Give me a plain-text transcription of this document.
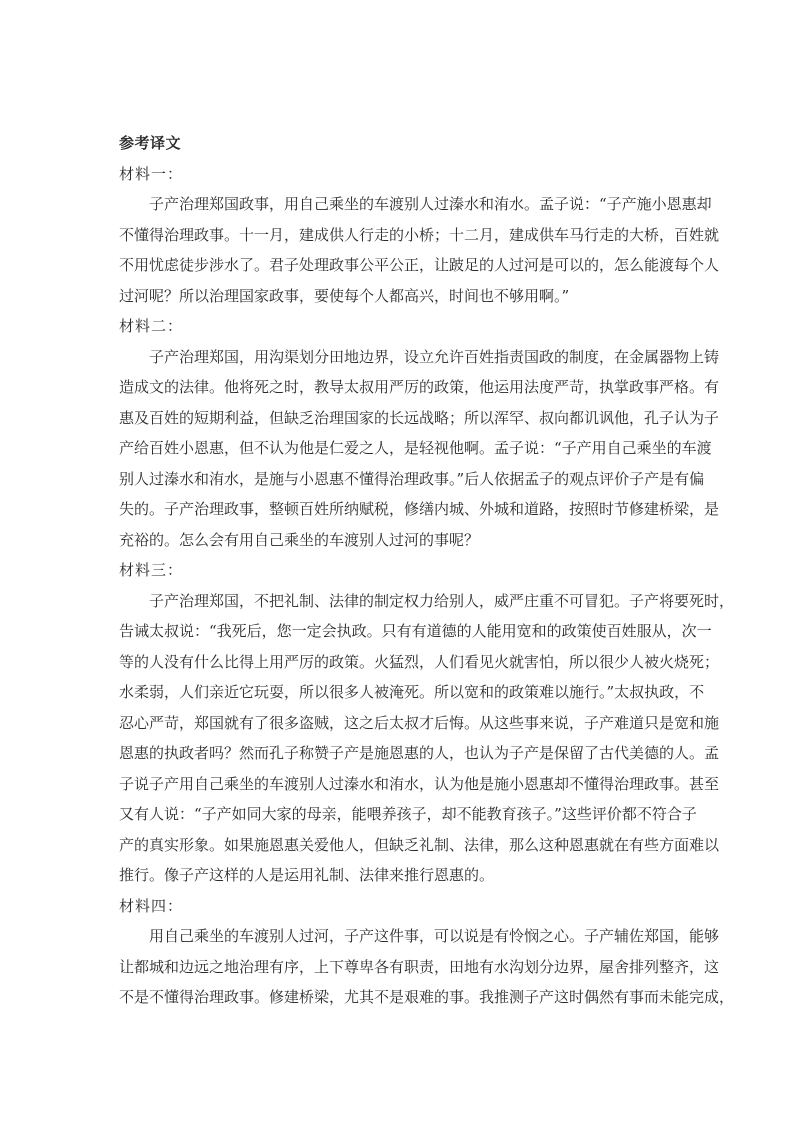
参考译文

材料一：

子产治理郑国政事，用自己乘坐的车渡别人过溱水和洧水。孟子说：“子产施小恩惠却
不懂得治理政事。十一月，建成供人行走的小桥；十二月，建成供车马行走的大桥，百姓就
不用忧虑徒步涉水了。君子处理政事公平公正，让跛足的人过河是可以的，怎么能渡每个人
过河呢？所以治理国家政事，要使每个人都高兴，时间也不够用啊。”

材料二：

子产治理郑国，用沟渠划分田地边界，设立允许百姓指责国政的制度，在金属器物上铸
造成文的法律。他将死之时，教导太叔用严厉的政策，他运用法度严苛，执掌政事严格。有
惠及百姓的短期利益，但缺乏治理国家的长远战略；所以浑罕、叔向都讥讽他，孔子认为子
产给百姓小恩惠，但不认为他是仁爱之人，是轻视他啊。孟子说：“子产用自己乘坐的车渡
别人过溱水和洧水，是施与小恩惠不懂得治理政事。”后人依据孟子的观点评价子产是有偏
失的。子产治理政事，整顿百姓所纳赋税，修缮内城、外城和道路，按照时节修建桥梁，是
充裕的。怎么会有用自己乘坐的车渡别人过河的事呢？

材料三：

子产治理郑国，不把礼制、法律的制定权力给别人，威严庄重不可冒犯。子产将要死时，
告诫太叔说：“我死后，您一定会执政。只有有道德的人能用宽和的政策使百姓服从，次一
等的人没有什么比得上用严厉的政策。火猛烈，人们看见火就害怕，所以很少人被火烧死；
水柔弱，人们亲近它玩耍，所以很多人被淹死。所以宽和的政策难以施行。”太叔执政，不
忍心严苛，郑国就有了很多盗贼，这之后太叔才后悔。从这些事来说，子产难道只是宽和施
恩惠的执政者吗？然而孔子称赞子产是施恩惠的人，也认为子产是保留了古代美德的人。孟
子说子产用自己乘坐的车渡别人过溱水和洧水，认为他是施小恩惠却不懂得治理政事。甚至
又有人说：“子产如同大家的母亲，能喂养孩子，却不能教育孩子。”这些评价都不符合子
产的真实形象。如果施恩惠关爱他人，但缺乏礼制、法律，那么这种恩惠就在有些方面难以
推行。像子产这样的人是运用礼制、法律来推行恩惠的。

材料四：

用自己乘坐的车渡别人过河，子产这件事，可以说是有怜悯之心。子产辅佐郑国，能够
让都城和边远之地治理有序，上下尊卑各有职责，田地有水沟划分边界，屋舍排列整齐，这
不是不懂得治理政事。修建桥梁，尤其不是艰难的事。我推测子产这时偶然有事而未能完成，
